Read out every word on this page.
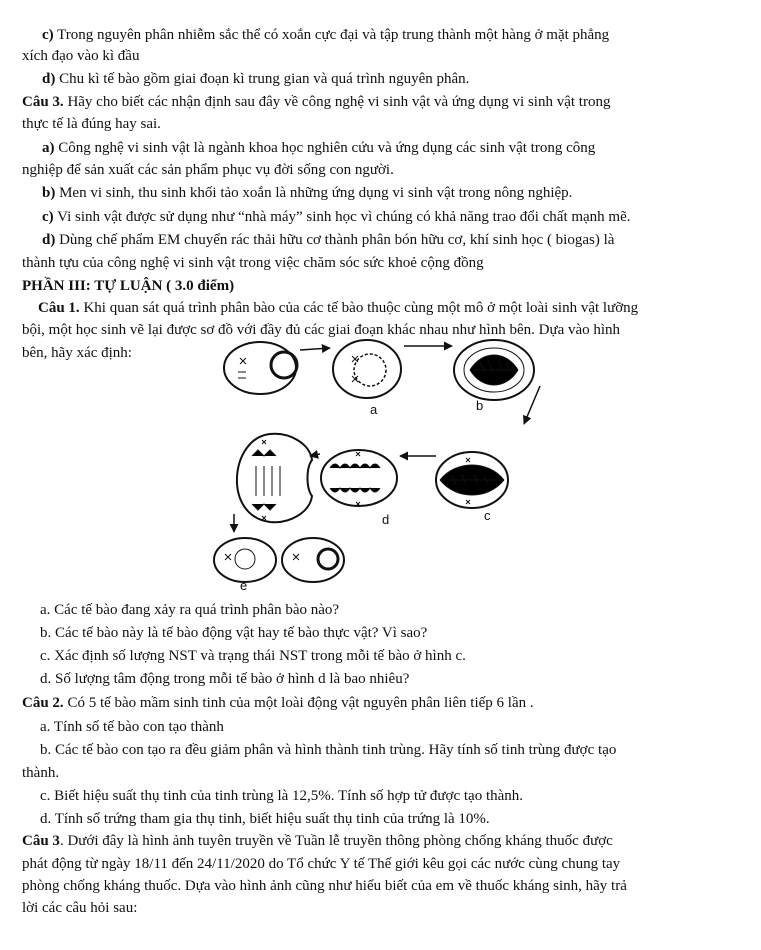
c) Trong nguyên phân nhiễm sắc thể có xoắn cực đại và tập trung thành một hàng ở mặt phẳng
xích đạo vào kì đầu
d) Chu kì tế bào gồm giai đoạn kì trung gian và quá trình nguyên phân.
Câu 3. Hãy cho biết các nhận định sau đây về công nghệ vi sinh vật và ứng dụng vi sinh vật trong
thực tế là đúng hay sai.
a) Công nghệ vi sinh vật là ngành khoa học nghiên cứu và ứng dụng các sinh vật trong công
nghiệp để sản xuất các sản phẩm phục vụ đời sống con người.
b) Men vi sinh, thu sinh khối tảo xoắn là những ứng dụng vi sinh vật trong nông nghiệp.
c) Vi sinh vật được sử dụng như “nhà máy” sinh học vì chúng có khả năng trao đổi chất mạnh mẽ.
d) Dùng chế phẩm EM chuyển rác thải hữu cơ thành phân bón hữu cơ, khí sinh học ( biogas) là
thành tựu của công nghệ vi sinh vật trong việc chăm sóc sức khoẻ cộng đồng
PHẦN III: TỰ LUẬN ( 3.0 điểm)
Câu 1. Khi quan sát quá trình phân bào của các tế bào thuộc cùng một mô ở một loài sinh vật lưỡng
bội, một học sinh vẽ lại được sơ đồ với đầy đủ các giai đoạn khác nhau như hình bên. Dựa vào hình
bên, hãy xác định:
a	b
c
d
e
a. Các tế bào đang xảy ra quá trình phân bào nào?
b. Các tế bào này là tế bào động vật hay tế bào thực vật? Vì sao?
c. Xác định số lượng NST và trạng thái NST trong mỗi tế bào ở hình c.
d. Số lượng tâm động trong mỗi tế bào ở hình d là bao nhiêu?
Câu 2. Có 5 tế bào mầm sinh tinh của một loài động vật nguyên phân liên tiếp 6 lần .
a. Tính số tế bào con tạo thành
b. Các tế bào con tạo ra đều giảm phân và hình thành tinh trùng. Hãy tính số tinh trùng được tạo
thành.
c. Biết hiệu suất thụ tinh của tinh trùng là 12,5%. Tính số hợp tử được tạo thành.
d. Tính số trứng tham gia thụ tinh, biết hiệu suất thụ tinh của trứng là 10%.
Câu 3. Dưới đây là hình ảnh tuyên truyền về Tuần lễ truyền thông phòng chống kháng thuốc được
phát động từ ngày 18/11 đến 24/11/2020 do Tổ chức Y tế Thế giới kêu gọi các nước cùng chung tay
phòng chống kháng thuốc. Dựa vào hình ảnh cũng như hiểu biết của em về thuốc kháng sinh, hãy trả
lời các câu hỏi sau:
